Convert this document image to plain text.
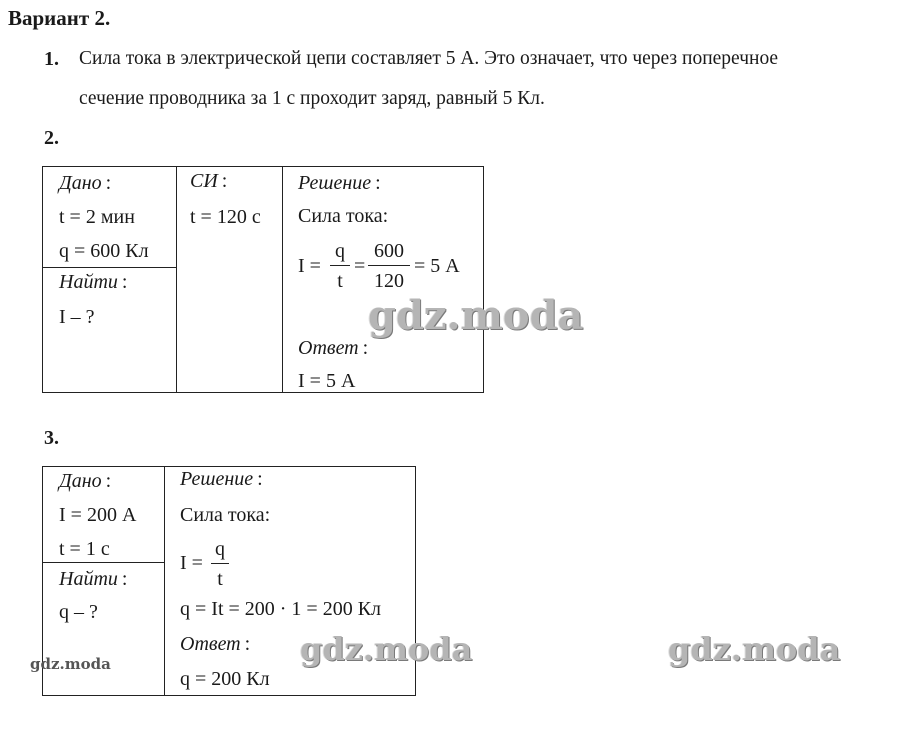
Вариант 2.
1. Сила тока в электрической цепи составляет 5 А. Это означает, что через поперечное
сечение проводника за 1 с проходит заряд, равный 5 Кл.
2.
Дано :
t = 2 мин
q = 600 Кл
Найти :
I – ?
СИ :
t = 120 с
Решение :
Сила тока:
I =
q
t
=
600
120
= 5 А
Ответ :
I = 5 А
3.
Дано :
I = 200 А
t = 1 с
Найти :
q – ?
Решение :
Сила тока:
I =
q
t
q = It = 200 · 1 = 200 Кл
Ответ :
q = 200 Кл
gdz.moda
gdz.moda	gdz.moda
gdz.moda
